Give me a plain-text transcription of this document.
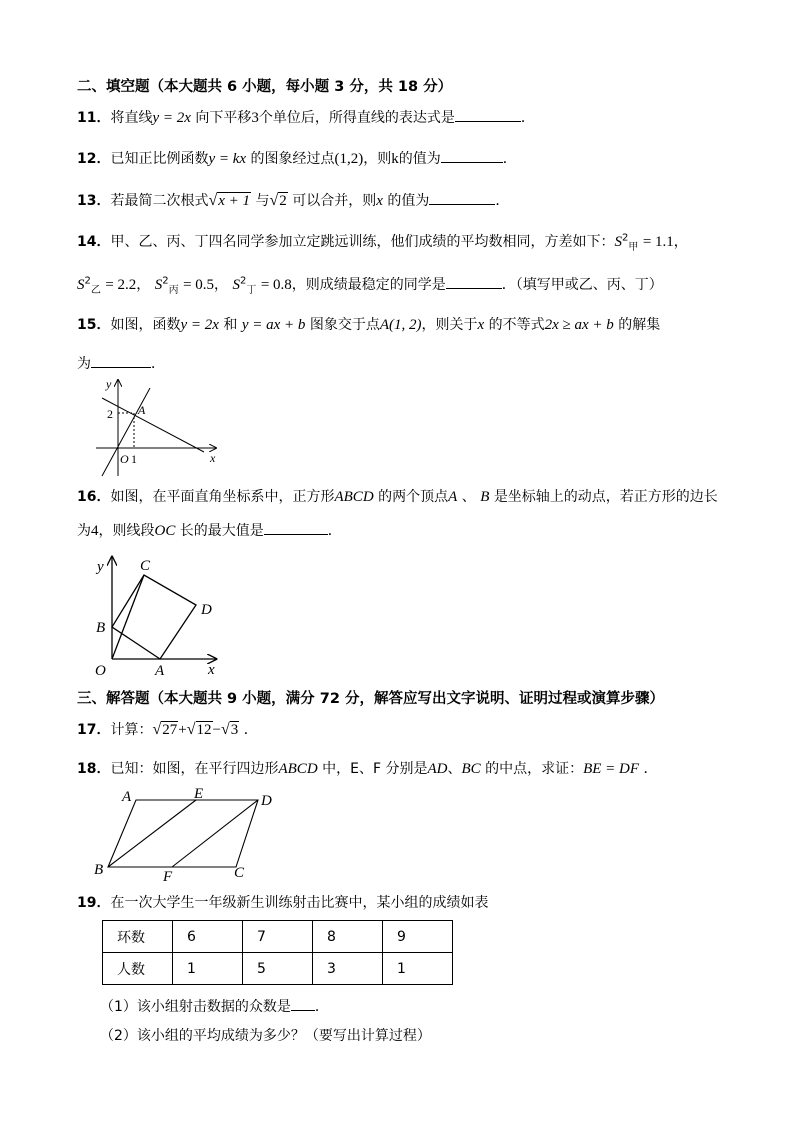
二、填空题（本大题共 6 小题，每小题 3 分，共 18 分）
11．将直线y = 2x 向下平移3个单位后，所得直线的表达式是	．
12．已知正比例函数y = kx 的图象经过点(1,2)，则k的值为	．
13．若最简二次根式√x + 1 与√2 可以合并，则x 的值为	．
14．甲、乙、丙、丁四名同学参加立定跳远训练，他们成绩的平均数相同，方差如下：$S^2_甲 = 1.1$，
$S^2_乙 = 2.2$， $S^2_丙 = 0.5$， $S^2_丁 = 0.8$，则成绩最稳定的同学是	．（填写甲或乙、丙、丁）
15．如图，函数y = 2x 和 y = ax + b 图象交于点A(1, 2)，则关于x 的不等式2x ≥ ax + b 的解集
为	．
y
x
2 A
O 1
16．如图，在平面直角坐标系中，正方形ABCD 的两个顶点A 、 B 是坐标轴上的动点，若正方形的边长
为4，则线段OC 长的最大值是	．
y
x
O	A
B
C
D
三、解答题（本大题共 9 小题，满分 72 分，解答应写出文字说明、证明过程或演算步骤）
17．计算：√27+√12−√3 ．
18．已知：如图，在平行四边形ABCD 中，E、F 分别是AD、BC 的中点，求证：BE = DF ．
A	E	D
B	F	C
19．在一次大学生一年级新生训练射击比赛中，某小组的成绩如表
环数	6	7	8	9
人数	1	5	3	1
（1）该小组射击数据的众数是 ．
（2）该小组的平均成绩为多少？（要写出计算过程）
